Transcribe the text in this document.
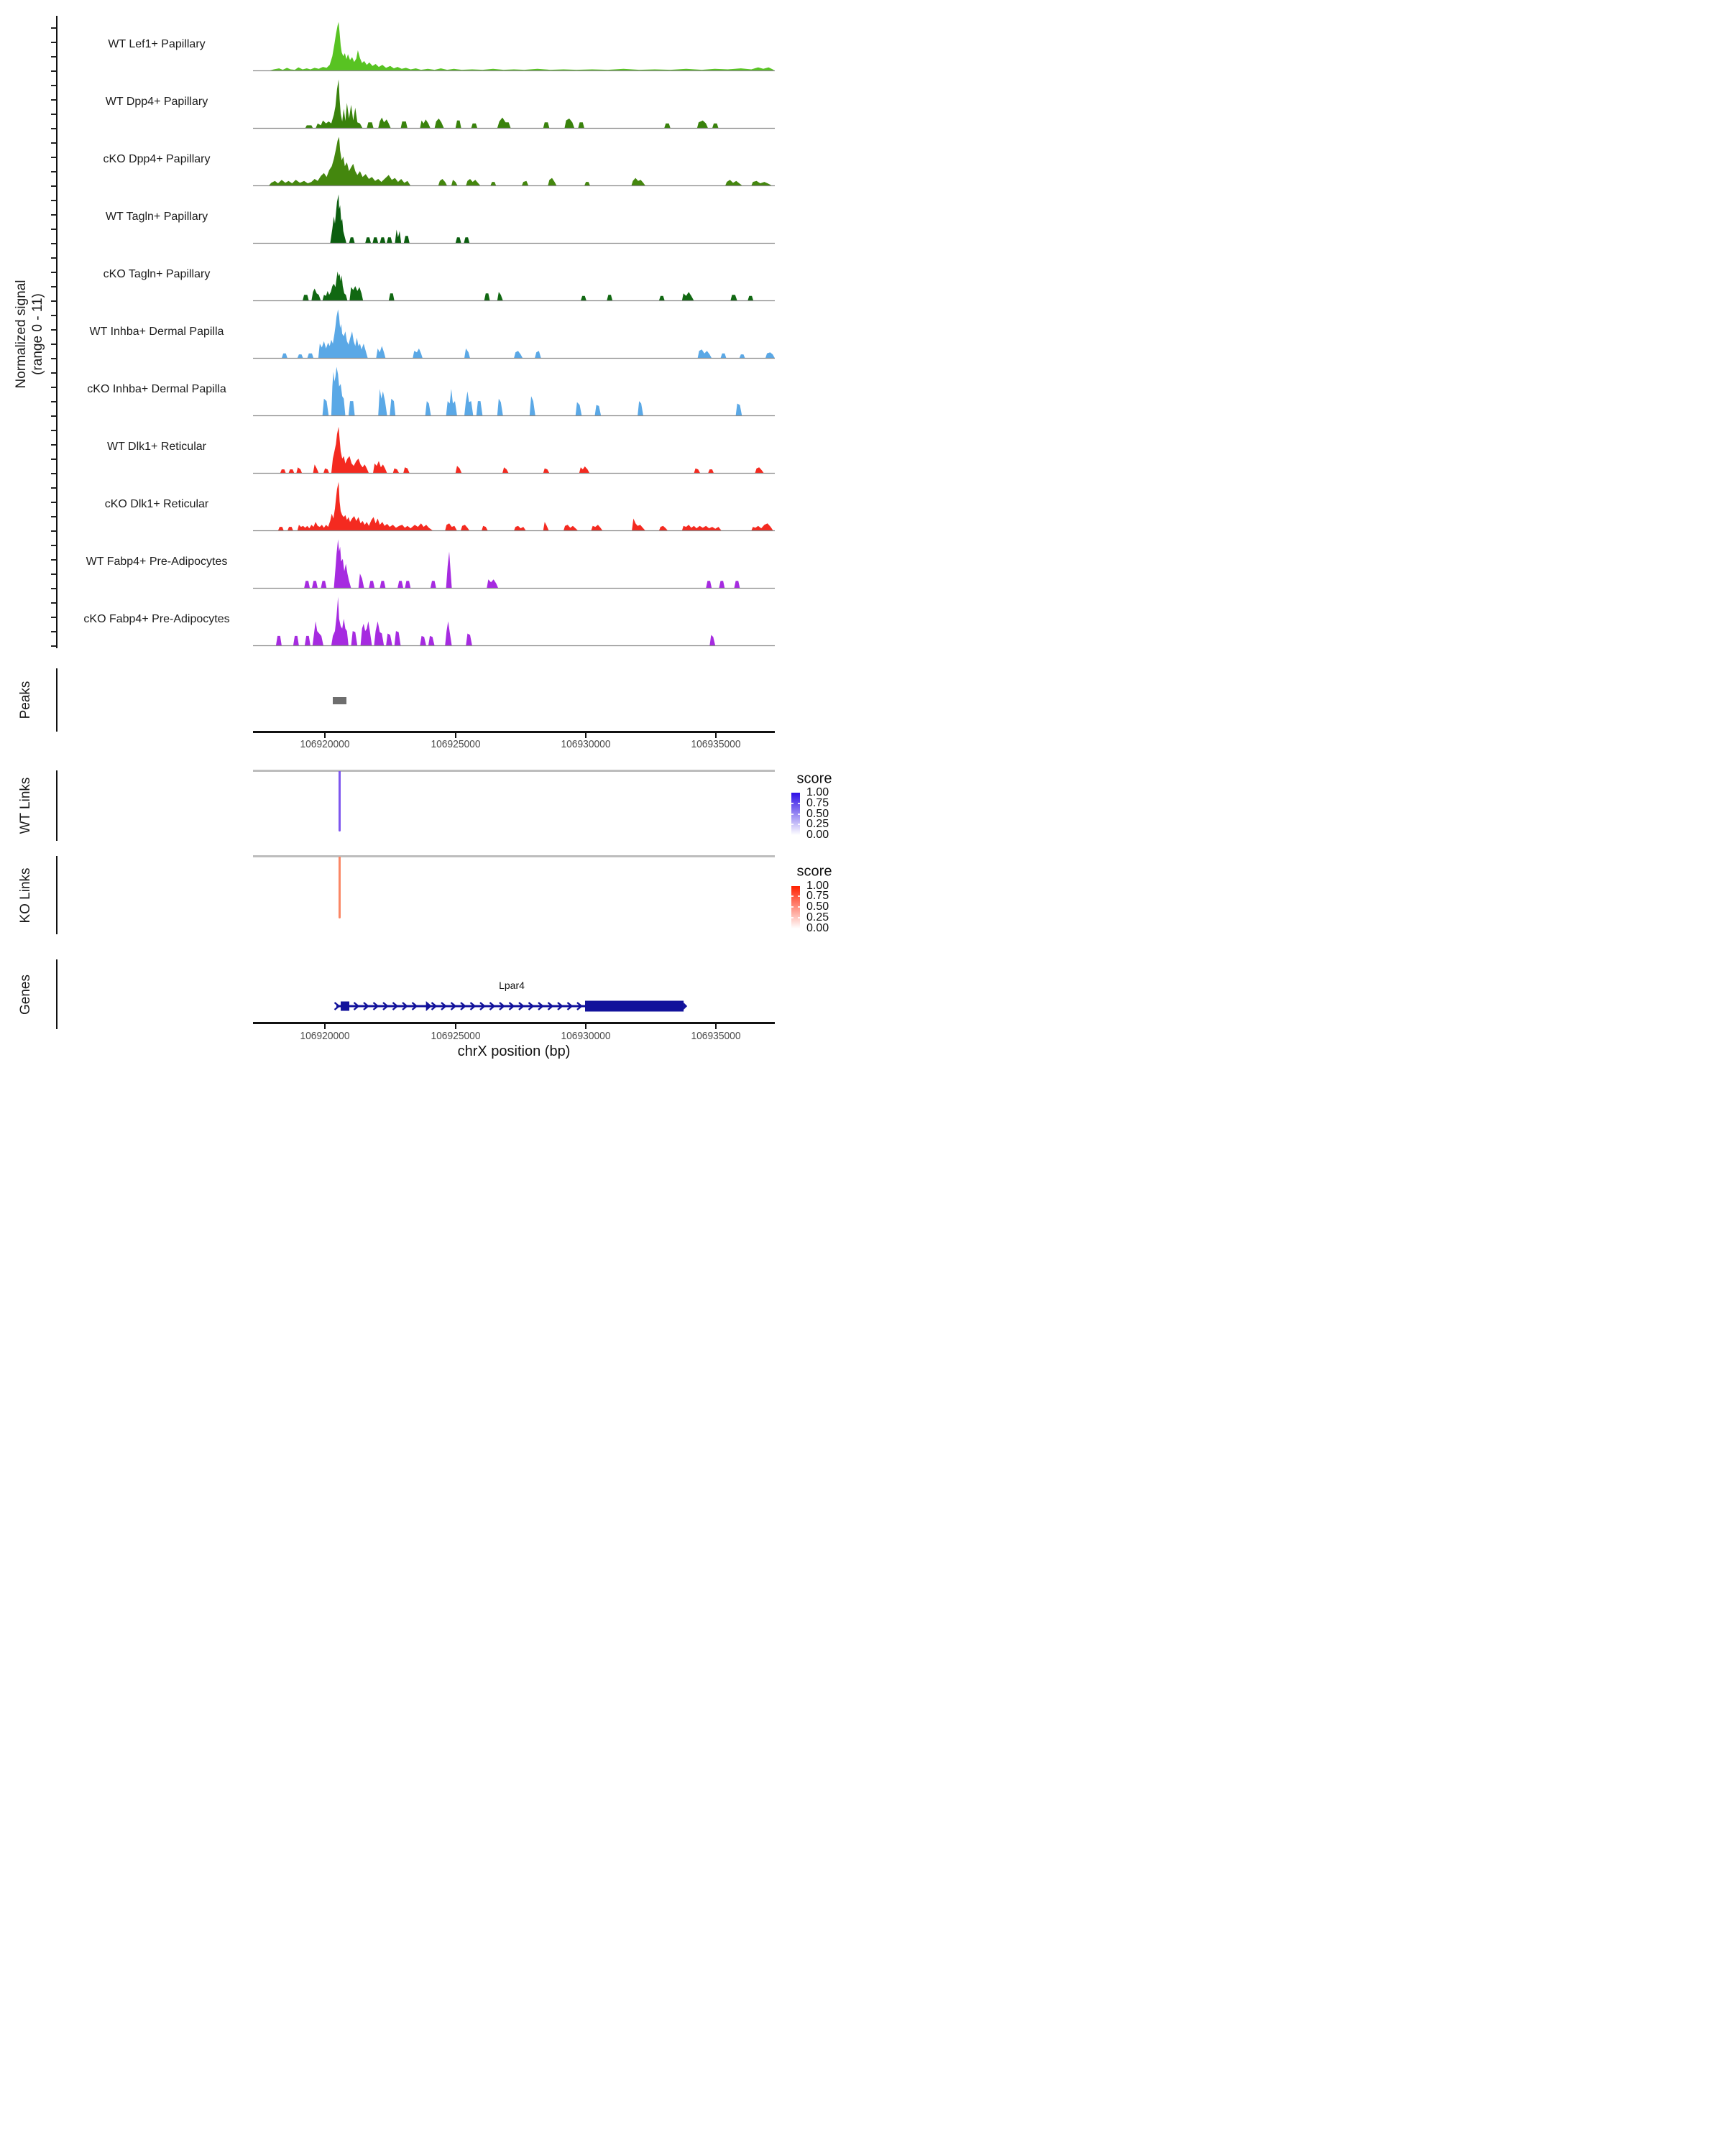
Normalized signal (range 0 - 11)
WT Lef1+ Papillary
WT Dpp4+ Papillary
cKO Dpp4+ Papillary
WT Tagln+ Papillary
cKO Tagln+ Papillary
WT Inhba+ Dermal Papilla
cKO Inhba+ Dermal Papilla
WT Dlk1+ Reticular
cKO Dlk1+ Reticular
WT Fabp4+ Pre-Adipocytes
cKO Fabp4+ Pre-Adipocytes
Peaks
106920000	106925000	106930000	106935000
WT Links	score
1.00
0.75
0.50
0.25
0.00
KO Links	score
1.00
0.75
0.50
0.25
0.00
Genes	Lpar4
106920000	106925000	106930000	106935000
chrX position (bp)
